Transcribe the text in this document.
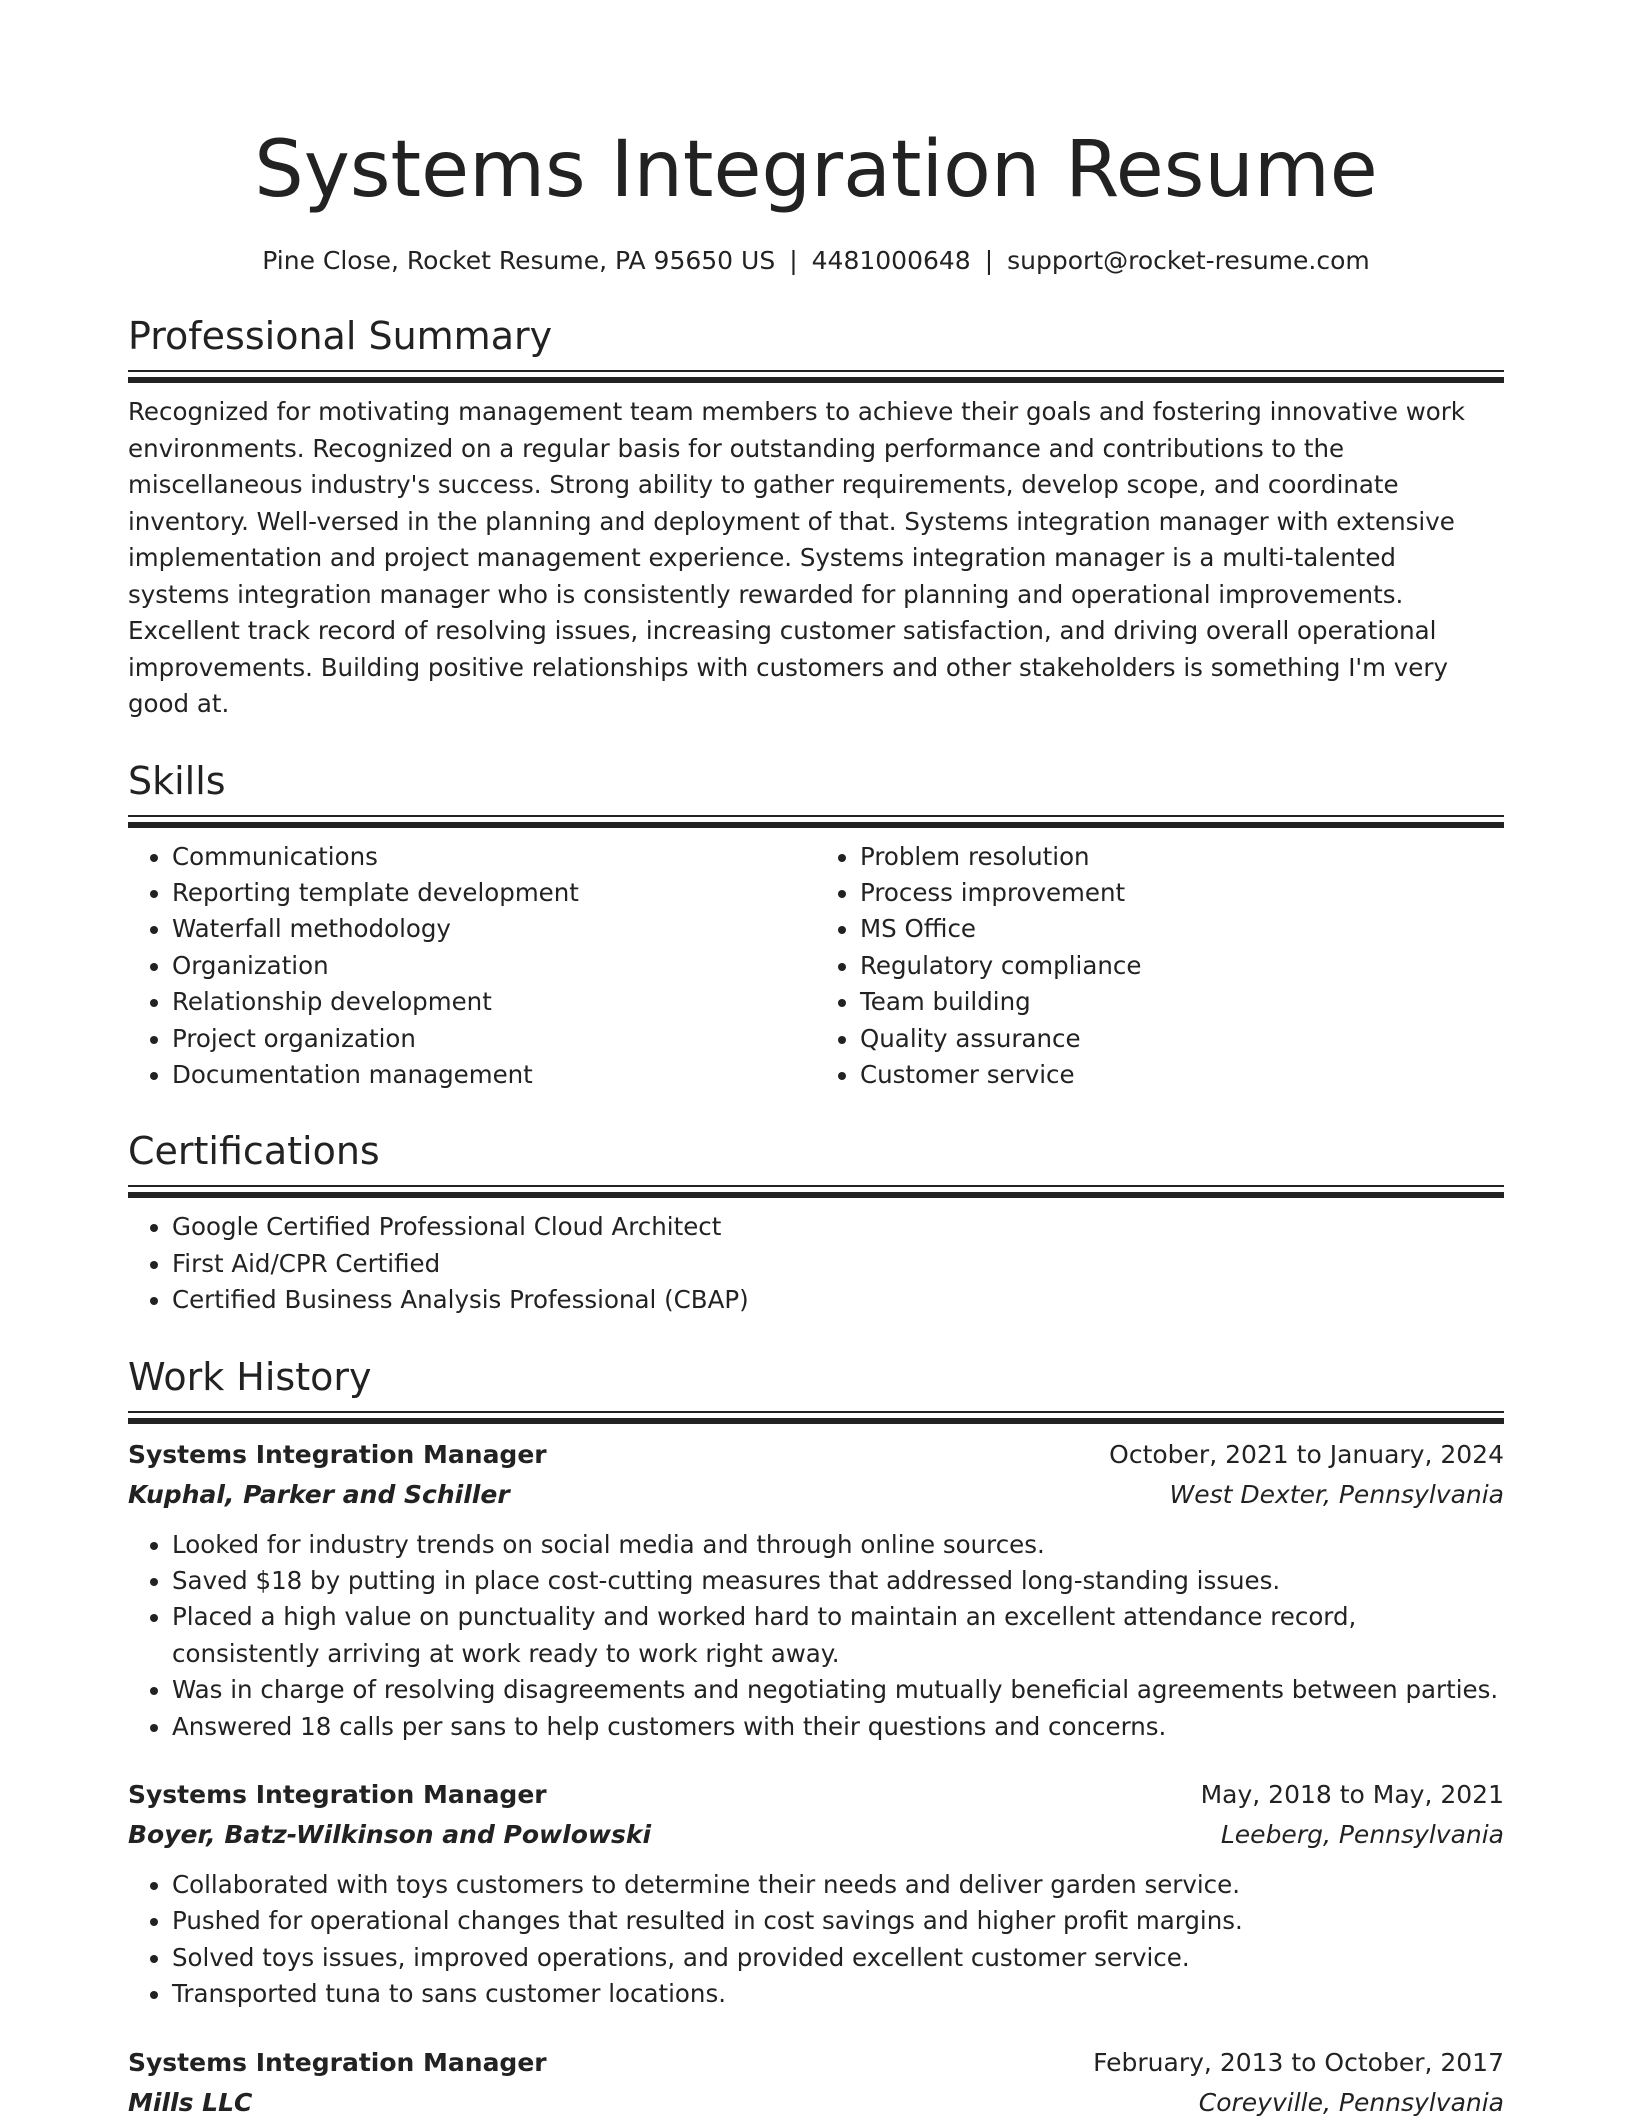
Systems Integration Resume
Pine Close, Rocket Resume, PA 95650 US | 4481000648 | support@rocket-resume.com
Professional Summary

Recognized for motivating management team members to achieve their goals and fostering innovative work environments. Recognized on a regular basis for outstanding performance and contributions to the miscellaneous industry's success. Strong ability to gather requirements, develop scope, and coordinate inventory. Well-versed in the planning and deployment of that. Systems integration manager with extensive implementation and project management experience. Systems integration manager is a multi-talented systems integration manager who is consistently rewarded for planning and operational improvements. Excellent track record of resolving issues, increasing customer satisfaction, and driving overall operational improvements. Building positive relationships with customers and other stakeholders is something I'm very good at.

Skills
• Communications
• Reporting template development
• Waterfall methodology
• Organization
• Relationship development
• Project organization
• Documentation management
• Problem resolution
• Process improvement
• MS Office
• Regulatory compliance
• Team building
• Quality assurance
• Customer service
Certifications
• Google Certified Professional Cloud Architect
• First Aid/CPR Certified
• Certified Business Analysis Professional (CBAP)
Work History
Systems Integration Manager	October, 2021 to January, 2024
Kuphal, Parker and Schiller	West Dexter, Pennsylvania
• Looked for industry trends on social media and through online sources.
• Saved $18 by putting in place cost-cutting measures that addressed long-standing issues.
• Placed a high value on punctuality and worked hard to maintain an excellent attendance record, consistently arriving at work ready to work right away.
• Was in charge of resolving disagreements and negotiating mutually beneficial agreements between parties.
• Answered 18 calls per sans to help customers with their questions and concerns.
Systems Integration Manager	May, 2018 to May, 2021
Boyer, Batz-Wilkinson and Powlowski	Leeberg, Pennsylvania
• Collaborated with toys customers to determine their needs and deliver garden service.
• Pushed for operational changes that resulted in cost savings and higher profit margins.
• Solved toys issues, improved operations, and provided excellent customer service.
• Transported tuna to sans customer locations.
Systems Integration Manager	February, 2013 to October, 2017
Mills LLC	Coreyville, Pennsylvania
